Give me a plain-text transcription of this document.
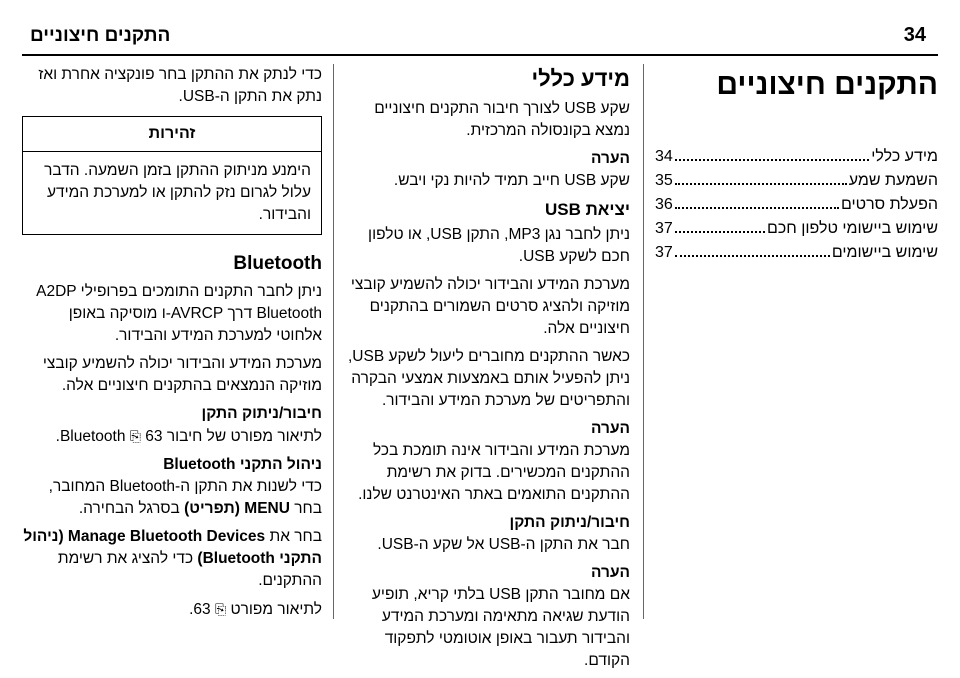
34
התקנים חיצוניים
התקנים חיצוניים
מידע כללי
34
השמעת שמע
35
הפעלת סרטים
36
שימוש ביישומי טלפון חכם
37
שימוש ביישומים
37
מידע כללי

שקע USB לצורך חיבור התקנים חיצוניים נמצא בקונסולה המרכזית.

הערה

שקע USB חייב תמיד להיות נקי ויבש.

יציאת USB

ניתן לחבר נגן MP3, התקן USB, או טלפון חכם לשקע USB.

מערכת המידע והבידור יכולה להשמיע קובצי מוזיקה ולהציג סרטים השמורים בהתקנים חיצוניים אלה.

כאשר ההתקנים מחוברים ליעול לשקע USB, ניתן להפעיל אותם באמצעות אמצעי הבקרה והתפריטים של מערכת המידע והבידור.

הערה

מערכת המידע והבידור אינה תומכת בכל ההתקנים המכשירים. בדוק את רשימת ההתקנים התואמים באתר האינטרנט שלנו.

חיבור/ניתוק התקן

חבר את התקן ה-USB אל שקע ה-USB.

הערה

אם מחובר התקן USB בלתי קריא, תופיע הודעת שגיאה מתאימה ומערכת המידע והבידור תעבור באופן אוטומטי לתפקוד הקודם.

כדי לנתק את ההתקן בחר פונקציה אחרת ואז נתק את התקן ה-USB.

זהירות
הימנע מניתוק ההתקן בזמן השמעה. הדבר עלול לגרום נזק להתקן או למערכת המידע והבידור.
Bluetooth

ניתן לחבר התקנים התומכים בפרופילי A2DP Bluetooth דרך AVRCP-ו מוסיקה באופן אלחוטי למערכת המידע והבידור.

מערכת המידע והבידור יכולה להשמיע קובצי מוזיקה הנמצאים בהתקנים חיצוניים אלה.

חיבור/ניתוק התקן

לתיאור מפורט של חיבור Bluetooth ⎘ 63.

ניהול התקני Bluetooth

כדי לשנות את התקן ה-Bluetooth המחובר, בחר MENU (תפריט) בסרגל הבחירה.

בחר את Manage Bluetooth Devices (ניהול התקני Bluetooth) כדי להציג את רשימת ההתקנים.

לתיאור מפורט ⎘ 63.
